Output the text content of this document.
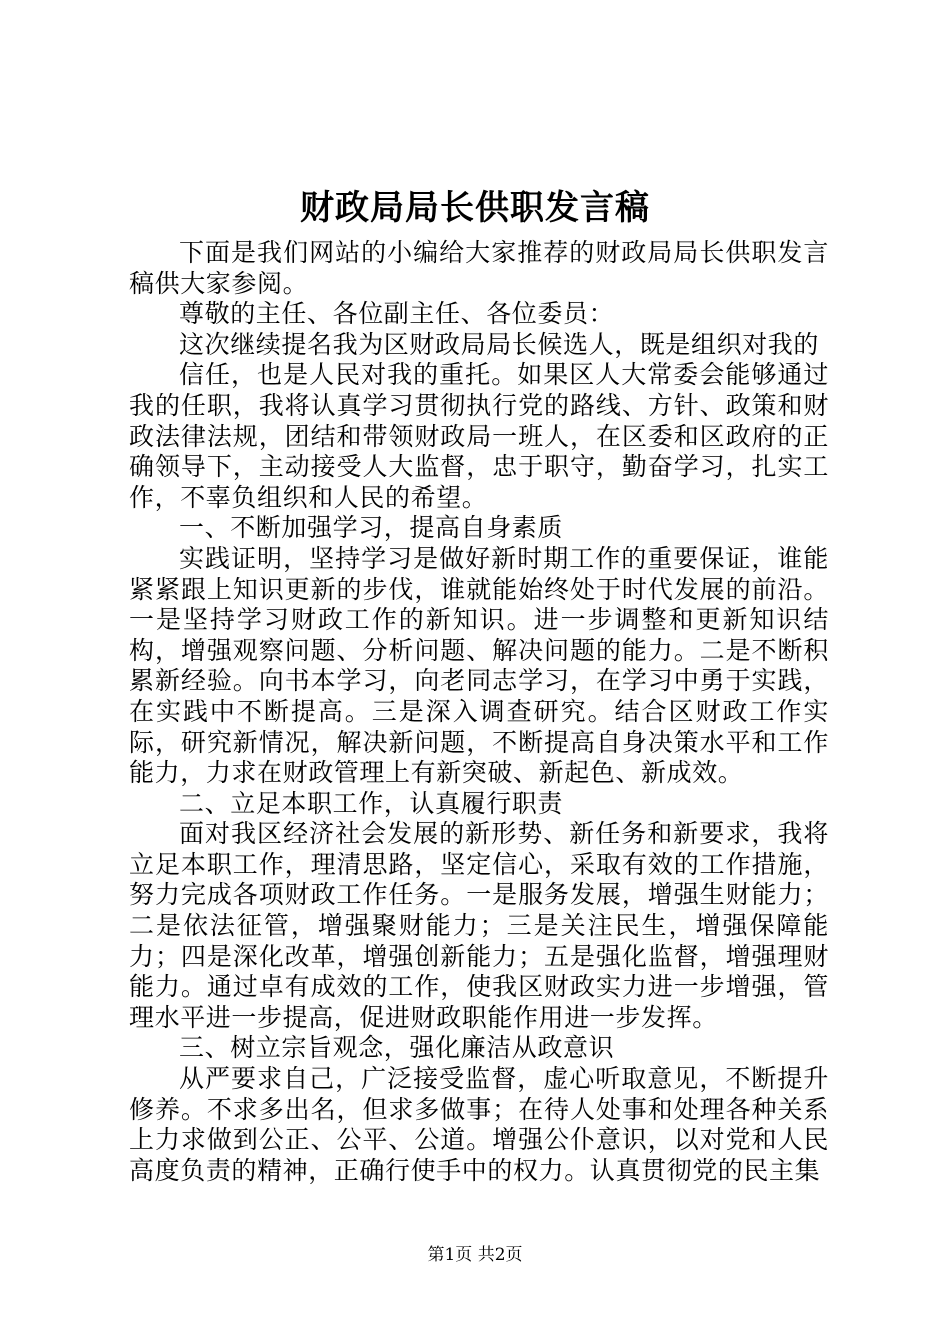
财政局局长供职发言稿

下面是我们网站的小编给大家推荐的财政局局长供职发言稿供大家参阅。

尊敬的主任、各位副主任、各位委员：

这次继续提名我为区财政局局长候选人，既是组织对我的

信任，也是人民对我的重托。如果区人大常委会能够通过我的任职，我将认真学习贯彻执行党的路线、方针、政策和财政法律法规，团结和带领财政局一班人，在区委和区政府的正确领导下，主动接受人大监督，忠于职守，勤奋学习，扎实工作，不辜负组织和人民的希望。

一、不断加强学习，提高自身素质

实践证明，坚持学习是做好新时期工作的重要保证，谁能紧紧跟上知识更新的步伐，谁就能始终处于时代发展的前沿。一是坚持学习财政工作的新知识。进一步调整和更新知识结构，增强观察问题、分析问题、解决问题的能力。二是不断积累新经验。向书本学习，向老同志学习，在学习中勇于实践，在实践中不断提高。三是深入调查研究。结合区财政工作实际，研究新情况，解决新问题，不断提高自身决策水平和工作能力，力求在财政管理上有新突破、新起色、新成效。

二、立足本职工作，认真履行职责

面对我区经济社会发展的新形势、新任务和新要求，我将立足本职工作，理清思路，坚定信心，采取有效的工作措施，努力完成各项财政工作任务。一是服务发展，增强生财能力；二是依法征管，增强聚财能力；三是关注民生，增强保障能力；四是深化改革，增强创新能力；五是强化监督，增强理财能力。通过卓有成效的工作，使我区财政实力进一步增强，管理水平进一步提高，促进财政职能作用进一步发挥。

三、树立宗旨观念，强化廉洁从政意识

从严要求自己，广泛接受监督，虚心听取意见，不断提升修养。不求多出名，但求多做事；在待人处事和处理各种关系上力求做到公正、公平、公道。增强公仆意识，以对党和人民高度负责的精神，正确行使手中的权力。认真贯彻党的民主集

第1页 共2页
